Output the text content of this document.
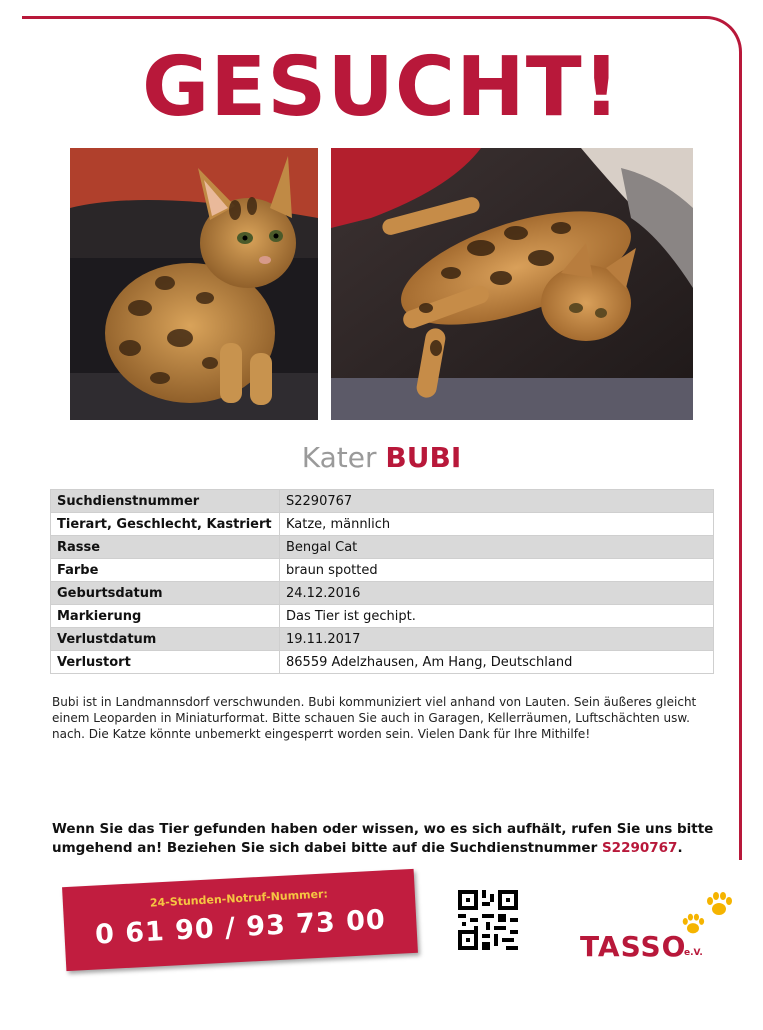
GESUCHT!
Kater BUBI
Suchdienstnummer	S2290767
Tierart, Geschlecht, Kastriert	Katze, männlich
Rasse	Bengal Cat
Farbe	braun spotted
Geburtsdatum	24.12.2016
Markierung	Das Tier ist gechipt.
Verlustdatum	19.11.2017
Verlustort	86559 Adelzhausen, Am Hang, Deutschland
Bubi ist in Landmannsdorf verschwunden. Bubi kommuniziert viel anhand von Lauten. Sein äußeres gleicht einem Leoparden in Miniaturformat. Bitte schauen Sie auch in Garagen, Kellerräumen, Luftschächten usw. nach. Die Katze könnte unbemerkt eingesperrt worden sein. Vielen Dank für Ihre Mithilfe!
Wenn Sie das Tier gefunden haben oder wissen, wo es sich aufhält, rufen Sie uns bitte umgehend an! Beziehen Sie sich dabei bitte auf die Suchdienstnummer S2290767.
24-Stunden-Notruf-Nummer:
0 61 90 / 93 73 00	TASSO
e.V.
